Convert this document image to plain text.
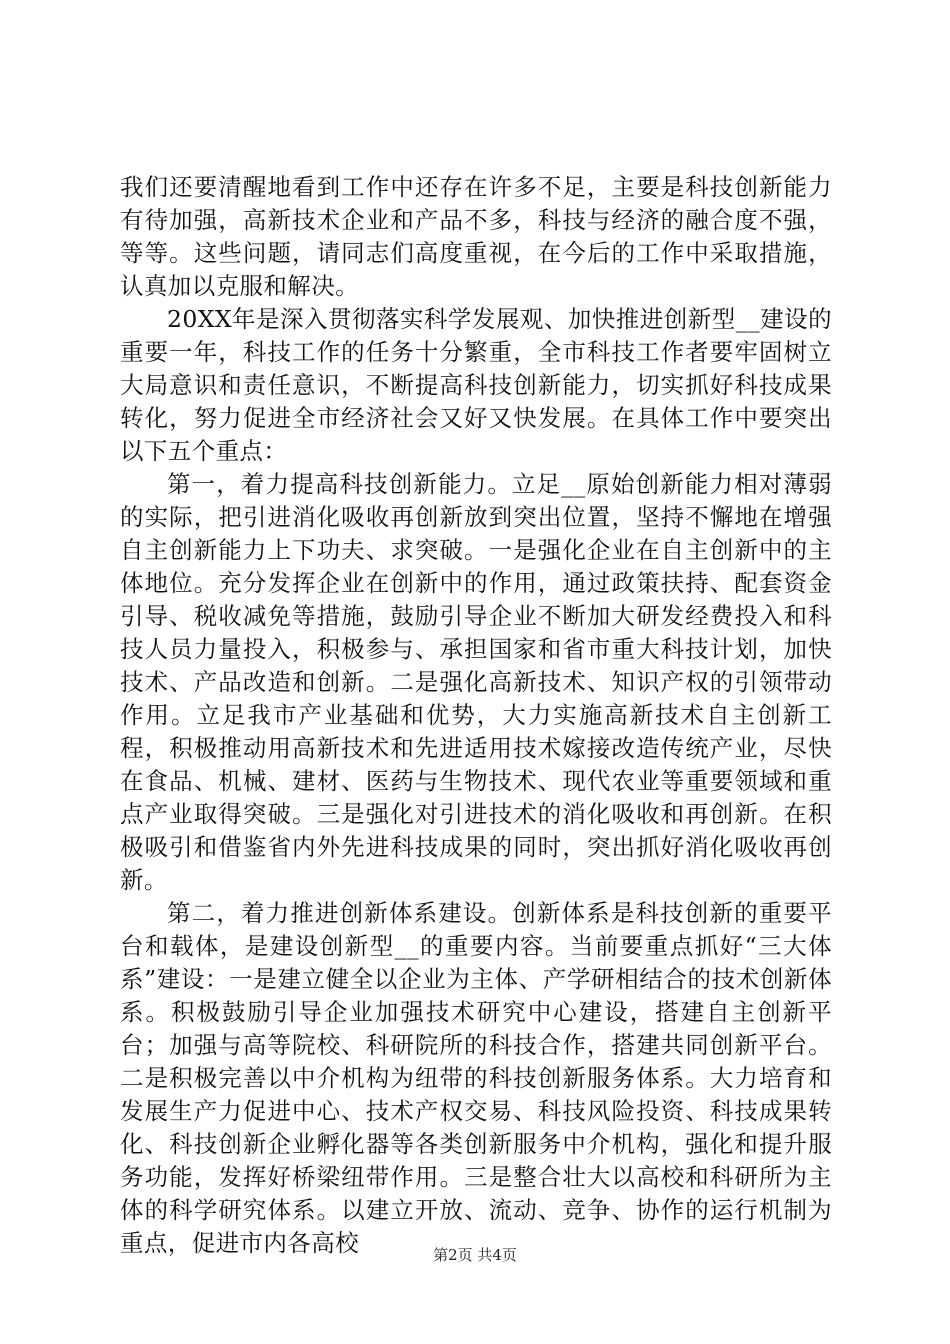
我们还要清醒地看到工作中还存在许多不足，主要是科技创新能力有待加强，高新技术企业和产品不多，科技与经济的融合度不强，等等。这些问题，请同志们高度重视，在今后的工作中采取措施，认真加以克服和解决。

20XX年是深入贯彻落实科学发展观、加快推进创新型__建设的重要一年，科技工作的任务十分繁重，全市科技工作者要牢固树立大局意识和责任意识，不断提高科技创新能力，切实抓好科技成果转化，努力促进全市经济社会又好又快发展。在具体工作中要突出以下五个重点：

第一，着力提高科技创新能力。立足__原始创新能力相对薄弱的实际，把引进消化吸收再创新放到突出位置，坚持不懈地在增强自主创新能力上下功夫、求突破。一是强化企业在自主创新中的主体地位。充分发挥企业在创新中的作用，通过政策扶持、配套资金引导、税收减免等措施，鼓励引导企业不断加大研发经费投入和科技人员力量投入，积极参与、承担国家和省市重大科技计划，加快技术、产品改造和创新。二是强化高新技术、知识产权的引领带动作用。立足我市产业基础和优势，大力实施高新技术自主创新工程，积极推动用高新技术和先进适用技术嫁接改造传统产业，尽快在食品、机械、建材、医药与生物技术、现代农业等重要领域和重点产业取得突破。三是强化对引进技术的消化吸收和再创新。在积极吸引和借鉴省内外先进科技成果的同时，突出抓好消化吸收再创新。

第二，着力推进创新体系建设。创新体系是科技创新的重要平台和载体，是建设创新型__的重要内容。当前要重点抓好“三大体系”建设：一是建立健全以企业为主体、产学研相结合的技术创新体系。积极鼓励引导企业加强技术研究中心建设，搭建自主创新平台；加强与高等院校、科研院所的科技合作，搭建共同创新平台。二是积极完善以中介机构为纽带的科技创新服务体系。大力培育和发展生产力促进中心、技术产权交易、科技风险投资、科技成果转化、科技创新企业孵化器等各类创新服务中介机构，强化和提升服务功能，发挥好桥梁纽带作用。三是整合壮大以高校和科研所为主体的科学研究体系。以建立开放、流动、竞争、协作的运行机制为重点，促进市内各高校	第2页 共4页
